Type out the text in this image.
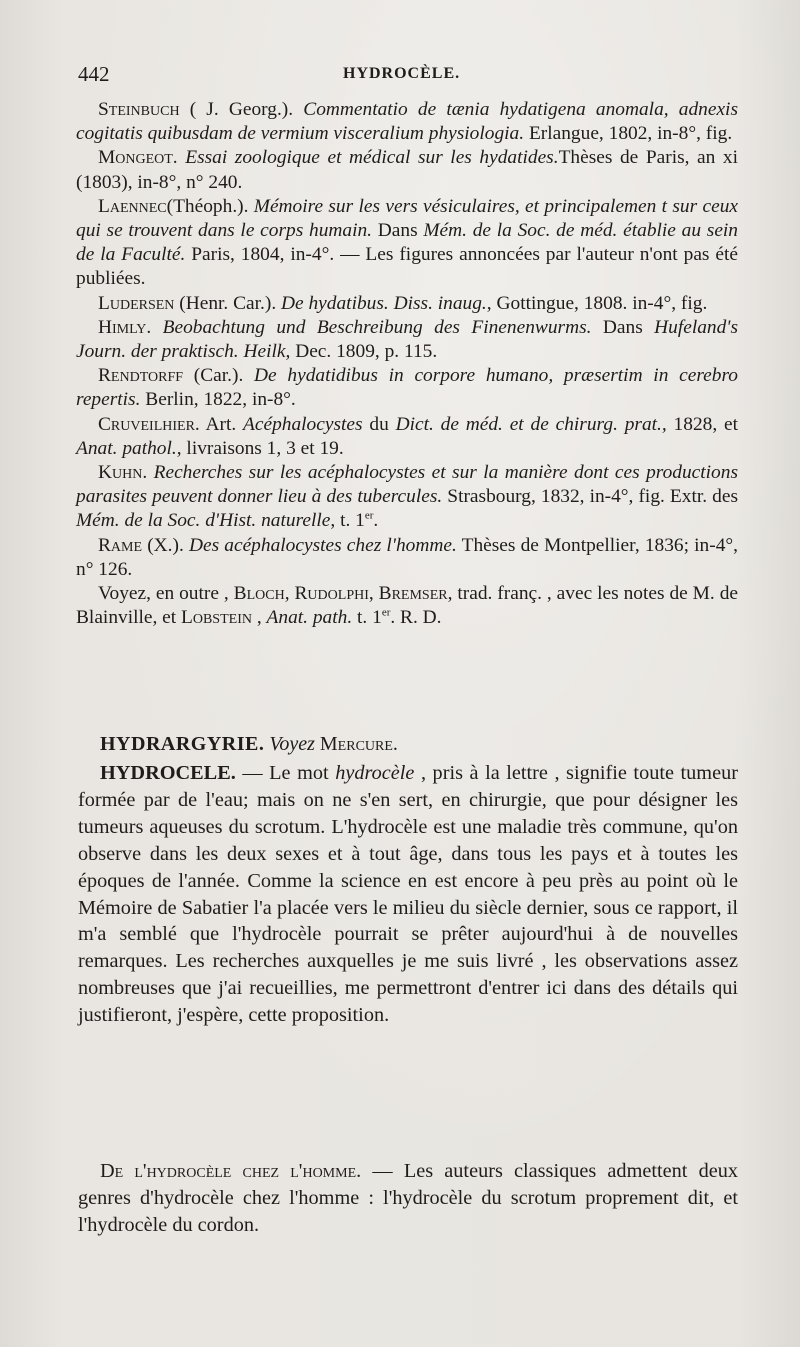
442	HYDROCÈLE.

Steinbuch ( J. Georg.). Commentatio de tænia hydatigena anomala, adnexis cogitatis quibusdam de vermium visceralium physiologia. Erlangue, 1802, in-8°, fig.

Mongeot. Essai zoologique et médical sur les hydatides.Thèses de Paris, an xi (1803), in-8°, n° 240.

Laennec(Théoph.). Mémoire sur les vers vésiculaires, et principalemen t sur ceux qui se trouvent dans le corps humain. Dans Mém. de la Soc. de méd. établie au sein de la Faculté. Paris, 1804, in-4°. — Les figures annoncées par l'auteur n'ont pas été publiées.

Ludersen (Henr. Car.). De hydatibus. Diss. inaug., Gottingue, 1808. in-4°, fig.

Himly. Beobachtung und Beschreibung des Finenenwurms. Dans Hufeland's Journ. der praktisch. Heilk, Dec. 1809, p. 115.

Rendtorff (Car.). De hydatidibus in corpore humano, præsertim in cerebro repertis. Berlin, 1822, in-8°.

Cruveilhier. Art. Acéphalocystes du Dict. de méd. et de chirurg. prat., 1828, et Anat. pathol., livraisons 1, 3 et 19.

Kuhn. Recherches sur les acéphalocystes et sur la manière dont ces productions parasites peuvent donner lieu à des tubercules. Strasbourg, 1832, in-4°, fig. Extr. des Mém. de la Soc. d'Hist. naturelle, t. 1er.

Rame (X.). Des acéphalocystes chez l'homme. Thèses de Montpellier, 1836; in-4°, n° 126.

Voyez, en outre , Bloch, Rudolphi, Bremser, trad. franç. , avec les notes de M. de Blainville, et Lobstein , Anat. path. t. 1er. R. D.

HYDRARGYRIE. Voyez Mercure.

HYDROCELE. — Le mot hydrocèle , pris à la lettre , signifie toute tumeur formée par de l'eau; mais on ne s'en sert, en chirurgie, que pour désigner les tumeurs aqueuses du scrotum. L'hydrocèle est une maladie très commune, qu'on observe dans les deux sexes et à tout âge, dans tous les pays et à toutes les époques de l'année. Comme la science en est encore à peu près au point où le Mémoire de Sabatier l'a placée vers le milieu du siècle dernier, sous ce rapport, il m'a semblé que l'hydrocèle pourrait se prêter aujourd'hui à de nouvelles remarques. Les recherches auxquelles je me suis livré , les observations assez nombreuses que j'ai recueillies, me permettront d'entrer ici dans des détails qui justifieront, j'espère, cette proposition.

De l'hydrocèle chez l'homme. — Les auteurs classiques admettent deux genres d'hydrocèle chez l'homme : l'hydrocèle du scrotum proprement dit, et l'hydrocèle du cordon.
